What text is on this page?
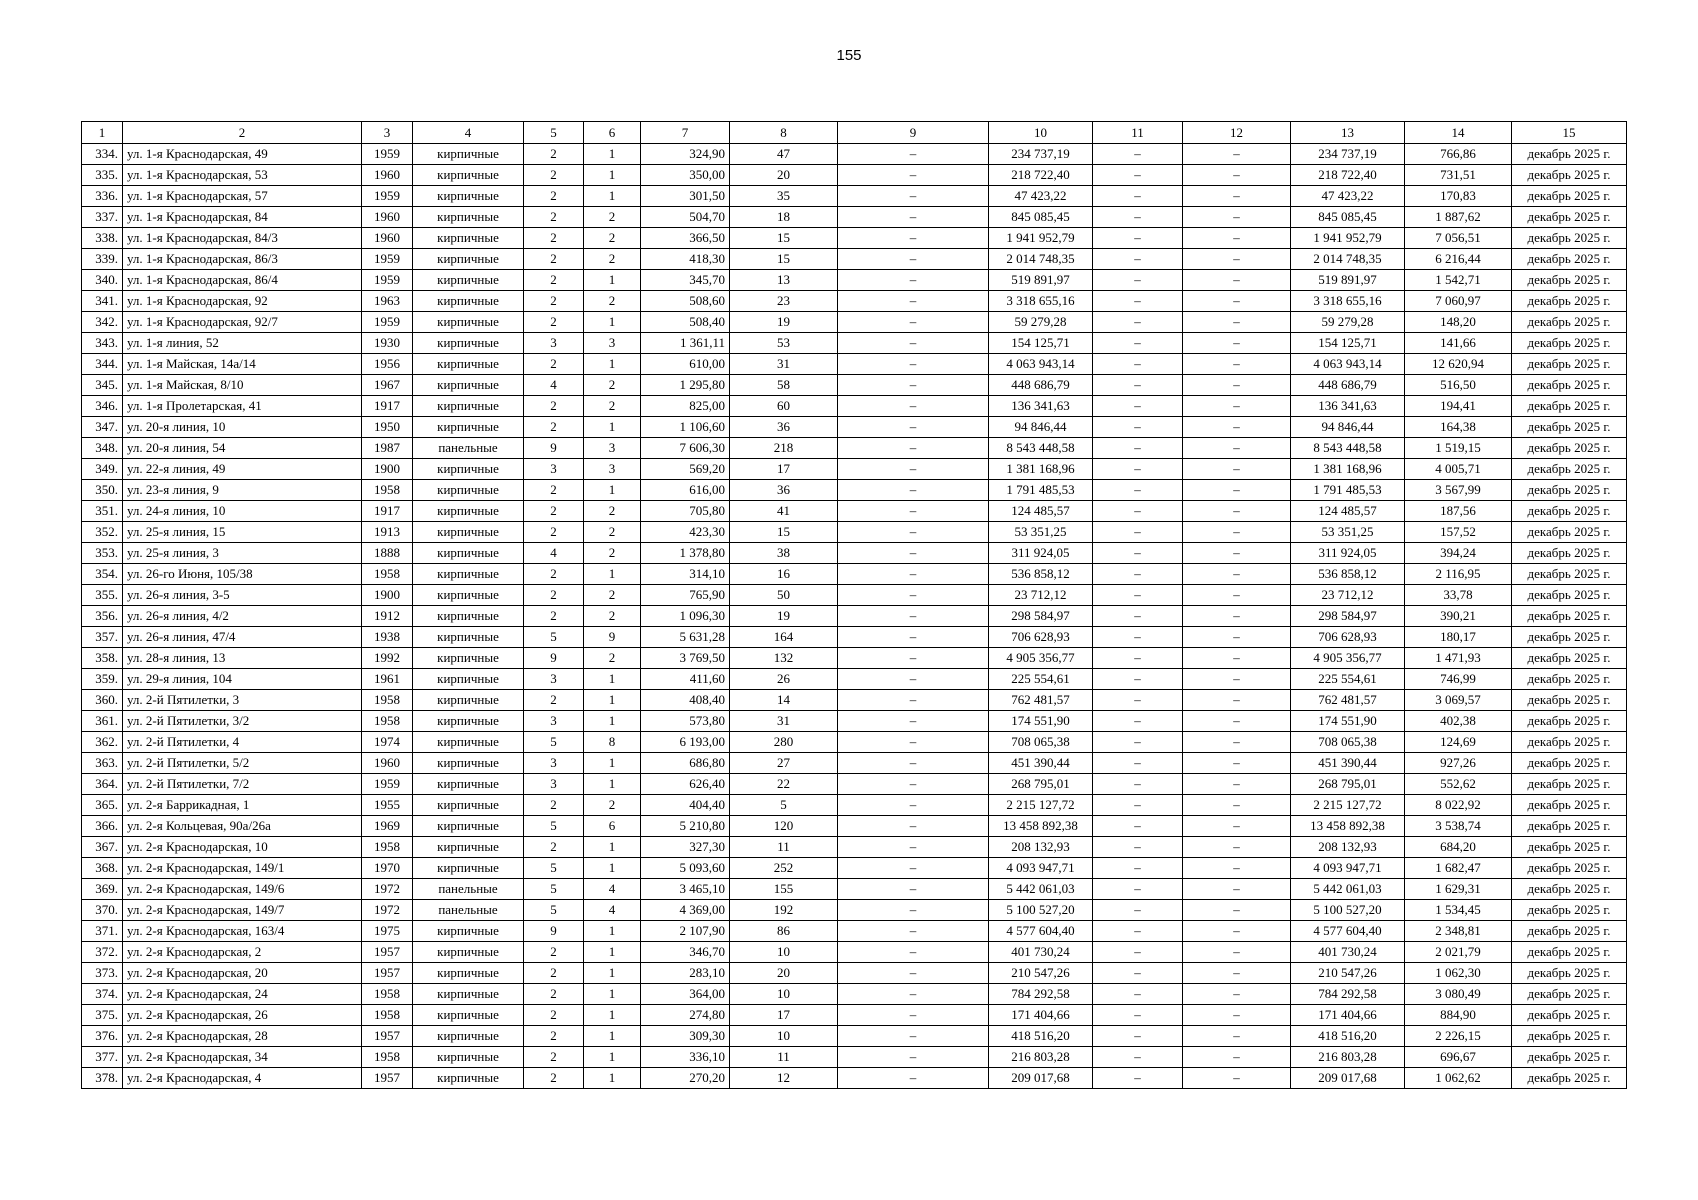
155
1	2	3	4	5	6	7	8	9	10	11	12	13	14	15
334.	ул. 1-я Краснодарская, 49	1959	кирпичные	2	1	324,90	47	–	234 737,19	–	–	234 737,19	766,86	декабрь 2025 г.
335.	ул. 1-я Краснодарская, 53	1960	кирпичные	2	1	350,00	20	–	218 722,40	–	–	218 722,40	731,51	декабрь 2025 г.
336.	ул. 1-я Краснодарская, 57	1959	кирпичные	2	1	301,50	35	–	47 423,22	–	–	47 423,22	170,83	декабрь 2025 г.
337.	ул. 1-я Краснодарская, 84	1960	кирпичные	2	2	504,70	18	–	845 085,45	–	–	845 085,45	1 887,62	декабрь 2025 г.
338.	ул. 1-я Краснодарская, 84/3	1960	кирпичные	2	2	366,50	15	–	1 941 952,79	–	–	1 941 952,79	7 056,51	декабрь 2025 г.
339.	ул. 1-я Краснодарская, 86/3	1959	кирпичные	2	2	418,30	15	–	2 014 748,35	–	–	2 014 748,35	6 216,44	декабрь 2025 г.
340.	ул. 1-я Краснодарская, 86/4	1959	кирпичные	2	1	345,70	13	–	519 891,97	–	–	519 891,97	1 542,71	декабрь 2025 г.
341.	ул. 1-я Краснодарская, 92	1963	кирпичные	2	2	508,60	23	–	3 318 655,16	–	–	3 318 655,16	7 060,97	декабрь 2025 г.
342.	ул. 1-я Краснодарская, 92/7	1959	кирпичные	2	1	508,40	19	–	59 279,28	–	–	59 279,28	148,20	декабрь 2025 г.
343.	ул. 1-я линия, 52	1930	кирпичные	3	3	1 361,11	53	–	154 125,71	–	–	154 125,71	141,66	декабрь 2025 г.
344.	ул. 1-я Майская, 14а/14	1956	кирпичные	2	1	610,00	31	–	4 063 943,14	–	–	4 063 943,14	12 620,94	декабрь 2025 г.
345.	ул. 1-я Майская, 8/10	1967	кирпичные	4	2	1 295,80	58	–	448 686,79	–	–	448 686,79	516,50	декабрь 2025 г.
346.	ул. 1-я Пролетарская, 41	1917	кирпичные	2	2	825,00	60	–	136 341,63	–	–	136 341,63	194,41	декабрь 2025 г.
347.	ул. 20-я линия, 10	1950	кирпичные	2	1	1 106,60	36	–	94 846,44	–	–	94 846,44	164,38	декабрь 2025 г.
348.	ул. 20-я линия, 54	1987	панельные	9	3	7 606,30	218	–	8 543 448,58	–	–	8 543 448,58	1 519,15	декабрь 2025 г.
349.	ул. 22-я линия, 49	1900	кирпичные	3	3	569,20	17	–	1 381 168,96	–	–	1 381 168,96	4 005,71	декабрь 2025 г.
350.	ул. 23-я линия, 9	1958	кирпичные	2	1	616,00	36	–	1 791 485,53	–	–	1 791 485,53	3 567,99	декабрь 2025 г.
351.	ул. 24-я линия, 10	1917	кирпичные	2	2	705,80	41	–	124 485,57	–	–	124 485,57	187,56	декабрь 2025 г.
352.	ул. 25-я линия, 15	1913	кирпичные	2	2	423,30	15	–	53 351,25	–	–	53 351,25	157,52	декабрь 2025 г.
353.	ул. 25-я линия, 3	1888	кирпичные	4	2	1 378,80	38	–	311 924,05	–	–	311 924,05	394,24	декабрь 2025 г.
354.	ул. 26-го Июня, 105/38	1958	кирпичные	2	1	314,10	16	–	536 858,12	–	–	536 858,12	2 116,95	декабрь 2025 г.
355.	ул. 26-я линия, 3-5	1900	кирпичные	2	2	765,90	50	–	23 712,12	–	–	23 712,12	33,78	декабрь 2025 г.
356.	ул. 26-я линия, 4/2	1912	кирпичные	2	2	1 096,30	19	–	298 584,97	–	–	298 584,97	390,21	декабрь 2025 г.
357.	ул. 26-я линия, 47/4	1938	кирпичные	5	9	5 631,28	164	–	706 628,93	–	–	706 628,93	180,17	декабрь 2025 г.
358.	ул. 28-я линия, 13	1992	кирпичные	9	2	3 769,50	132	–	4 905 356,77	–	–	4 905 356,77	1 471,93	декабрь 2025 г.
359.	ул. 29-я линия, 104	1961	кирпичные	3	1	411,60	26	–	225 554,61	–	–	225 554,61	746,99	декабрь 2025 г.
360.	ул. 2-й Пятилетки, 3	1958	кирпичные	2	1	408,40	14	–	762 481,57	–	–	762 481,57	3 069,57	декабрь 2025 г.
361.	ул. 2-й Пятилетки, 3/2	1958	кирпичные	3	1	573,80	31	–	174 551,90	–	–	174 551,90	402,38	декабрь 2025 г.
362.	ул. 2-й Пятилетки, 4	1974	кирпичные	5	8	6 193,00	280	–	708 065,38	–	–	708 065,38	124,69	декабрь 2025 г.
363.	ул. 2-й Пятилетки, 5/2	1960	кирпичные	3	1	686,80	27	–	451 390,44	–	–	451 390,44	927,26	декабрь 2025 г.
364.	ул. 2-й Пятилетки, 7/2	1959	кирпичные	3	1	626,40	22	–	268 795,01	–	–	268 795,01	552,62	декабрь 2025 г.
365.	ул. 2-я Баррикадная, 1	1955	кирпичные	2	2	404,40	5	–	2 215 127,72	–	–	2 215 127,72	8 022,92	декабрь 2025 г.
366.	ул. 2-я Кольцевая, 90а/26а	1969	кирпичные	5	6	5 210,80	120	–	13 458 892,38	–	–	13 458 892,38	3 538,74	декабрь 2025 г.
367.	ул. 2-я Краснодарская, 10	1958	кирпичные	2	1	327,30	11	–	208 132,93	–	–	208 132,93	684,20	декабрь 2025 г.
368.	ул. 2-я Краснодарская, 149/1	1970	кирпичные	5	1	5 093,60	252	–	4 093 947,71	–	–	4 093 947,71	1 682,47	декабрь 2025 г.
369.	ул. 2-я Краснодарская, 149/6	1972	панельные	5	4	3 465,10	155	–	5 442 061,03	–	–	5 442 061,03	1 629,31	декабрь 2025 г.
370.	ул. 2-я Краснодарская, 149/7	1972	панельные	5	4	4 369,00	192	–	5 100 527,20	–	–	5 100 527,20	1 534,45	декабрь 2025 г.
371.	ул. 2-я Краснодарская, 163/4	1975	кирпичные	9	1	2 107,90	86	–	4 577 604,40	–	–	4 577 604,40	2 348,81	декабрь 2025 г.
372.	ул. 2-я Краснодарская, 2	1957	кирпичные	2	1	346,70	10	–	401 730,24	–	–	401 730,24	2 021,79	декабрь 2025 г.
373.	ул. 2-я Краснодарская, 20	1957	кирпичные	2	1	283,10	20	–	210 547,26	–	–	210 547,26	1 062,30	декабрь 2025 г.
374.	ул. 2-я Краснодарская, 24	1958	кирпичные	2	1	364,00	10	–	784 292,58	–	–	784 292,58	3 080,49	декабрь 2025 г.
375.	ул. 2-я Краснодарская, 26	1958	кирпичные	2	1	274,80	17	–	171 404,66	–	–	171 404,66	884,90	декабрь 2025 г.
376.	ул. 2-я Краснодарская, 28	1957	кирпичные	2	1	309,30	10	–	418 516,20	–	–	418 516,20	2 226,15	декабрь 2025 г.
377.	ул. 2-я Краснодарская, 34	1958	кирпичные	2	1	336,10	11	–	216 803,28	–	–	216 803,28	696,67	декабрь 2025 г.
378.	ул. 2-я Краснодарская, 4	1957	кирпичные	2	1	270,20	12	–	209 017,68	–	–	209 017,68	1 062,62	декабрь 2025 г.
